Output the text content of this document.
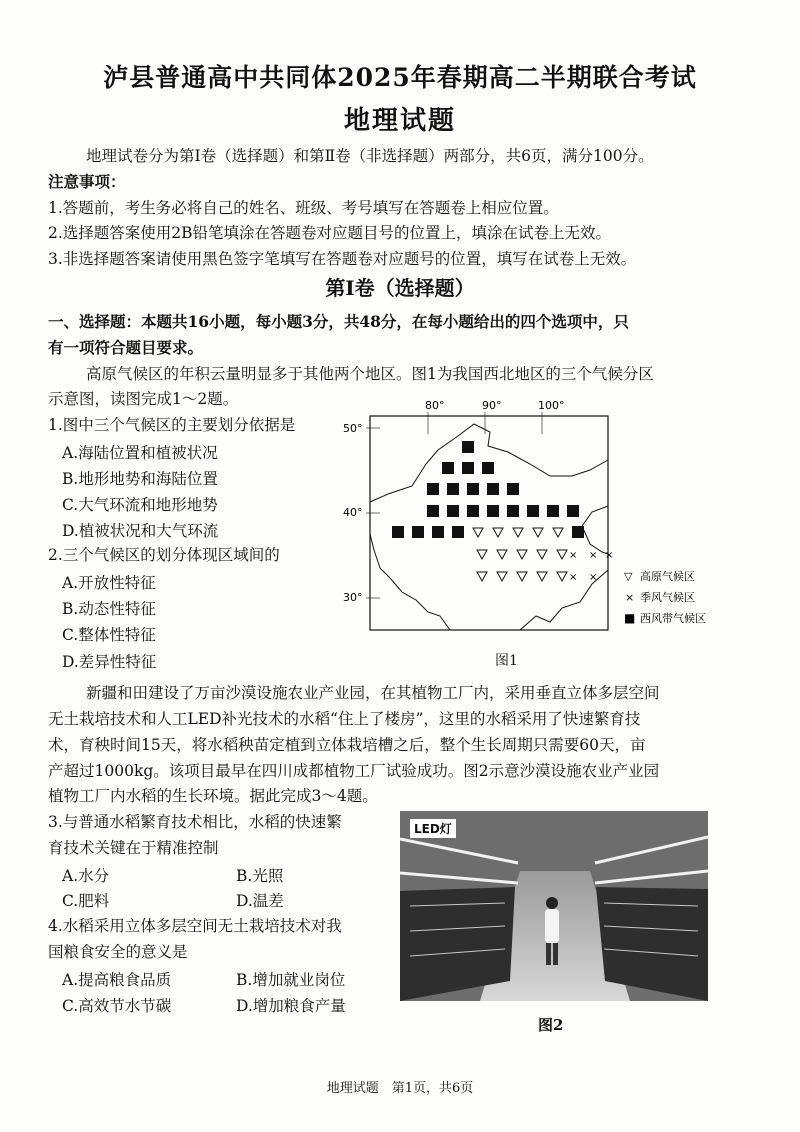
泸县普通高中共同体2025年春期高二半期联合考试
地理试题
地理试卷分为第Ⅰ卷（选择题）和第Ⅱ卷（非选择题）两部分，共6页，满分100分。
注意事项：
1.答题前，考生务必将自己的姓名、班级、考号填写在答题卷上相应位置。
2.选择题答案使用2B铅笔填涂在答题卷对应题目号的位置上，填涂在试卷上无效。
3.非选择题答案请使用黑色签字笔填写在答题卷对应题号的位置，填写在试卷上无效。
第Ⅰ卷（选择题）
一、选择题：本题共16小题，每小题3分，共48分，在每小题给出的四个选项中，只
有一项符合题目要求。
高原气候区的年积云量明显多于其他两个地区。图1为我国西北地区的三个气候分区
示意图，读图完成1～2题。
1.图中三个气候区的主要划分依据是
A.海陆位置和植被状况
B.地形地势和海陆位置
C.大气环流和地形地势
D.植被状况和大气环流
2.三个气候区的划分体现区域间的
A.开放性特征
B.动态性特征
C.整体性特征
D.差异性特征
80°	90°	100°
50°
40°
30°
× × ×
× × ▽ 高原气候区
× 季风气候区
■ 西风带气候区
图1
新疆和田建设了万亩沙漠设施农业产业园，在其植物工厂内，采用垂直立体多层空间
无土栽培技术和人工LED补光技术的水稻“住上了楼房”，这里的水稻采用了快速繁育技
术，育秧时间15天，将水稻秧苗定植到立体栽培槽之后，整个生长周期只需要60天，亩
产超过1000kg。该项目最早在四川成都植物工厂试验成功。图2示意沙漠设施农业产业园
植物工厂内水稻的生长环境。据此完成3～4题。
3.与普通水稻繁育技术相比，水稻的快速繁
育技术关键在于精准控制
A.水分	B.光照
C.肥料	D.温差
4.水稻采用立体多层空间无土栽培技术对我
国粮食安全的意义是
A.提高粮食品质	B.增加就业岗位
C.高效节水节碳	D.增加粮食产量
LED灯
图2
地理试题　第1页，共6页
